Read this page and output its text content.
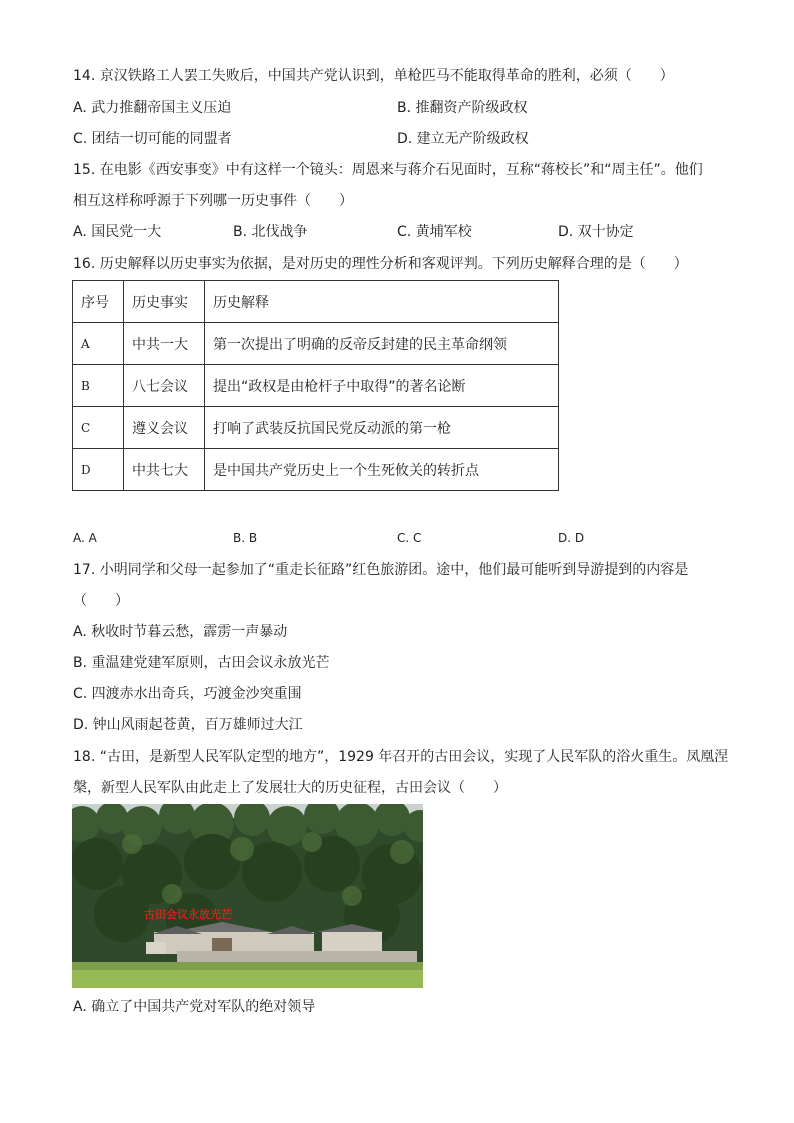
14. 京汉铁路工人罢工失败后，中国共产党认识到，单枪匹马不能取得革命的胜利，必须（　　）
A. 武力推翻帝国主义压迫	B. 推翻资产阶级政权
C. 团结一切可能的同盟者	D. 建立无产阶级政权
15. 在电影《西安事变》中有这样一个镜头：周恩来与蒋介石见面时，互称“蒋校长”和“周主任”。他们
相互这样称呼源于下列哪一历史事件（　　）
A. 国民党一大	B. 北伐战争	C. 黄埔军校	D. 双十协定
16. 历史解释以历史事实为依据，是对历史的理性分析和客观评判。下列历史解释合理的是（　　）
序号	历史事实	历史解释
A	中共一大	第一次提出了明确的反帝反封建的民主革命纲领
B	八七会议	提出“政权是由枪杆子中取得”的著名论断
C	遵义会议	打响了武装反抗国民党反动派的第一枪
D	中共七大	是中国共产党历史上一个生死攸关的转折点
A. A	B. B	C. C	D. D
17. 小明同学和父母一起参加了“重走长征路”红色旅游团。途中，他们最可能听到导游提到的内容是
（　　）
A. 秋收时节暮云愁，霹雳一声暴动
B. 重温建党建军原则，古田会议永放光芒
C. 四渡赤水出奇兵，巧渡金沙突重围
D. 钟山风雨起苍黄，百万雄师过大江
18. “古田，是新型人民军队定型的地方”，1929 年召开的古田会议，实现了人民军队的浴火重生。凤凰涅
槃，新型人民军队由此走上了发展壮大的历史征程，古田会议（　　）
古田会议永放光芒
A. 确立了中国共产党对军队的绝对领导
